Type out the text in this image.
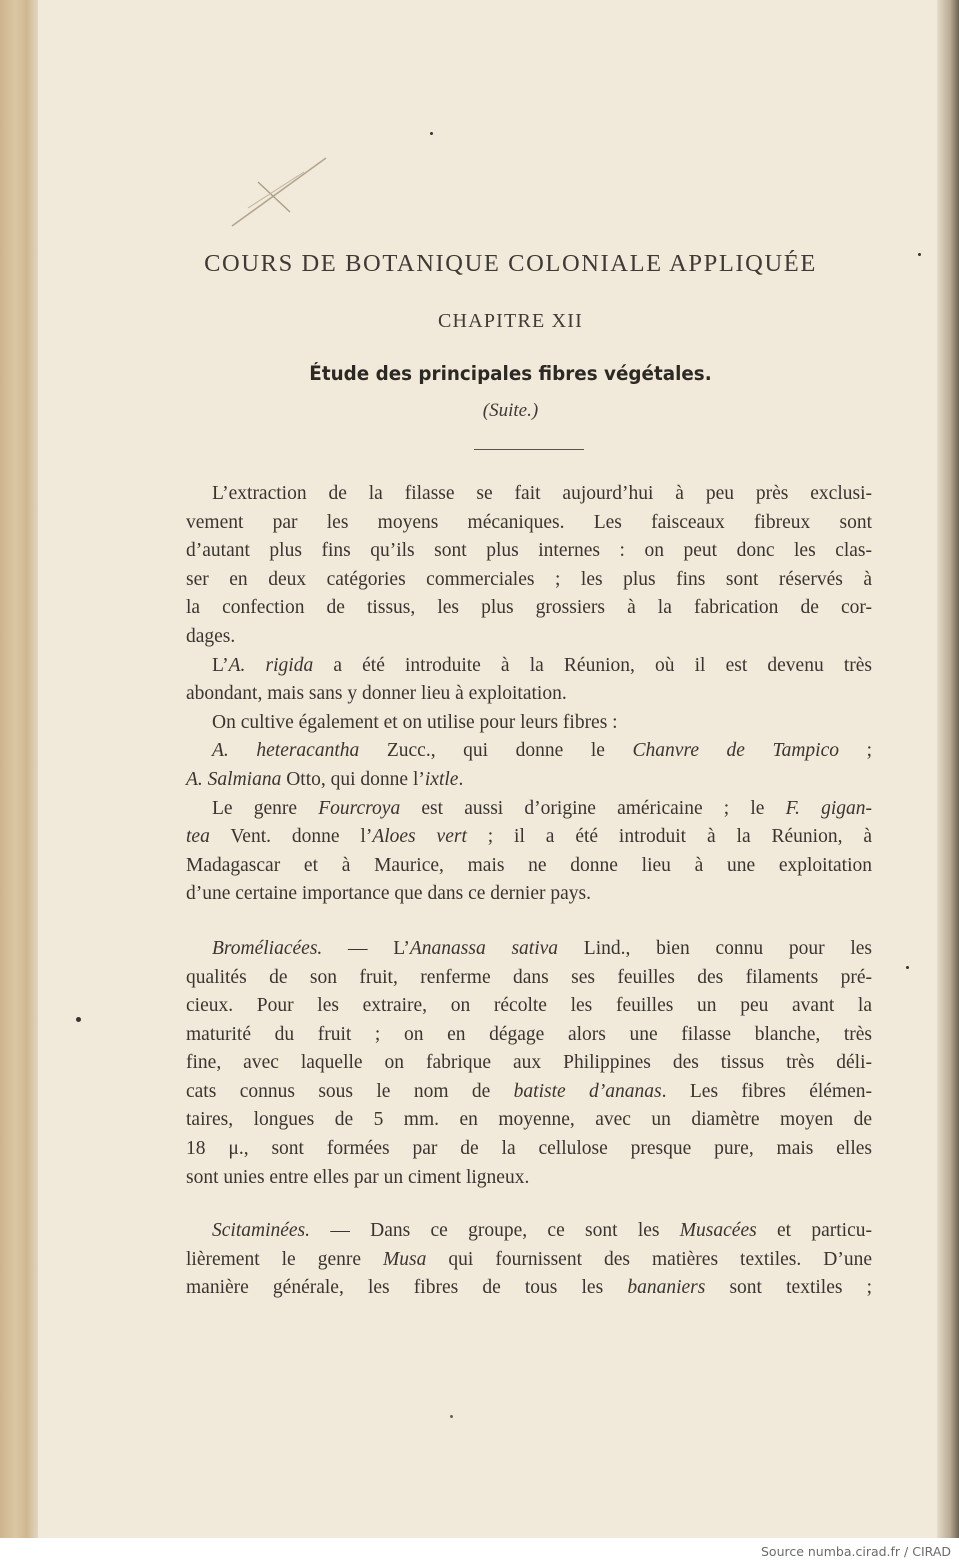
COURS DE BOTANIQUE COLONIALE APPLIQUÉE
CHAPITRE XII
Étude des principales fibres végétales.
(Suite.)
L’extraction de la filasse se fait aujourd’hui à peu près exclusi-
vement par les moyens mécaniques. Les faisceaux fibreux sont
d’autant plus fins qu’ils sont plus internes : on peut donc les clas-
ser en deux catégories commerciales ; les plus fins sont réservés à
la confection de tissus, les plus grossiers à la fabrication de cor-
dages.
L’A. rigida a été introduite à la Réunion, où il est devenu très
abondant, mais sans y donner lieu à exploitation.
On cultive également et on utilise pour leurs fibres :
A. heteracantha Zucc., qui donne le Chanvre de Tampico ;
A. Salmiana Otto, qui donne l’ixtle.
Le genre Fourcroya est aussi d’origine américaine ; le F. gigan-
tea Vent. donne l’Aloes vert ; il a été introduit à la Réunion, à
Madagascar et à Maurice, mais ne donne lieu à une exploitation
d’une certaine importance que dans ce dernier pays.
Broméliacées. — L’Ananassa sativa Lind., bien connu pour les
qualités de son fruit, renferme dans ses feuilles des filaments pré-
cieux. Pour les extraire, on récolte les feuilles un peu avant la
maturité du fruit ; on en dégage alors une filasse blanche, très
fine, avec laquelle on fabrique aux Philippines des tissus très déli-
cats connus sous le nom de batiste d’ananas. Les fibres élémen-
taires, longues de 5 mm. en moyenne, avec un diamètre moyen de
18 μ., sont formées par de la cellulose presque pure, mais elles
sont unies entre elles par un ciment ligneux.
Scitaminées. — Dans ce groupe, ce sont les Musacées et particu-
lièrement le genre Musa qui fournissent des matières textiles. D’une
manière générale, les fibres de tous les bananiers sont textiles ;
Source numba.cirad.fr / CIRAD
